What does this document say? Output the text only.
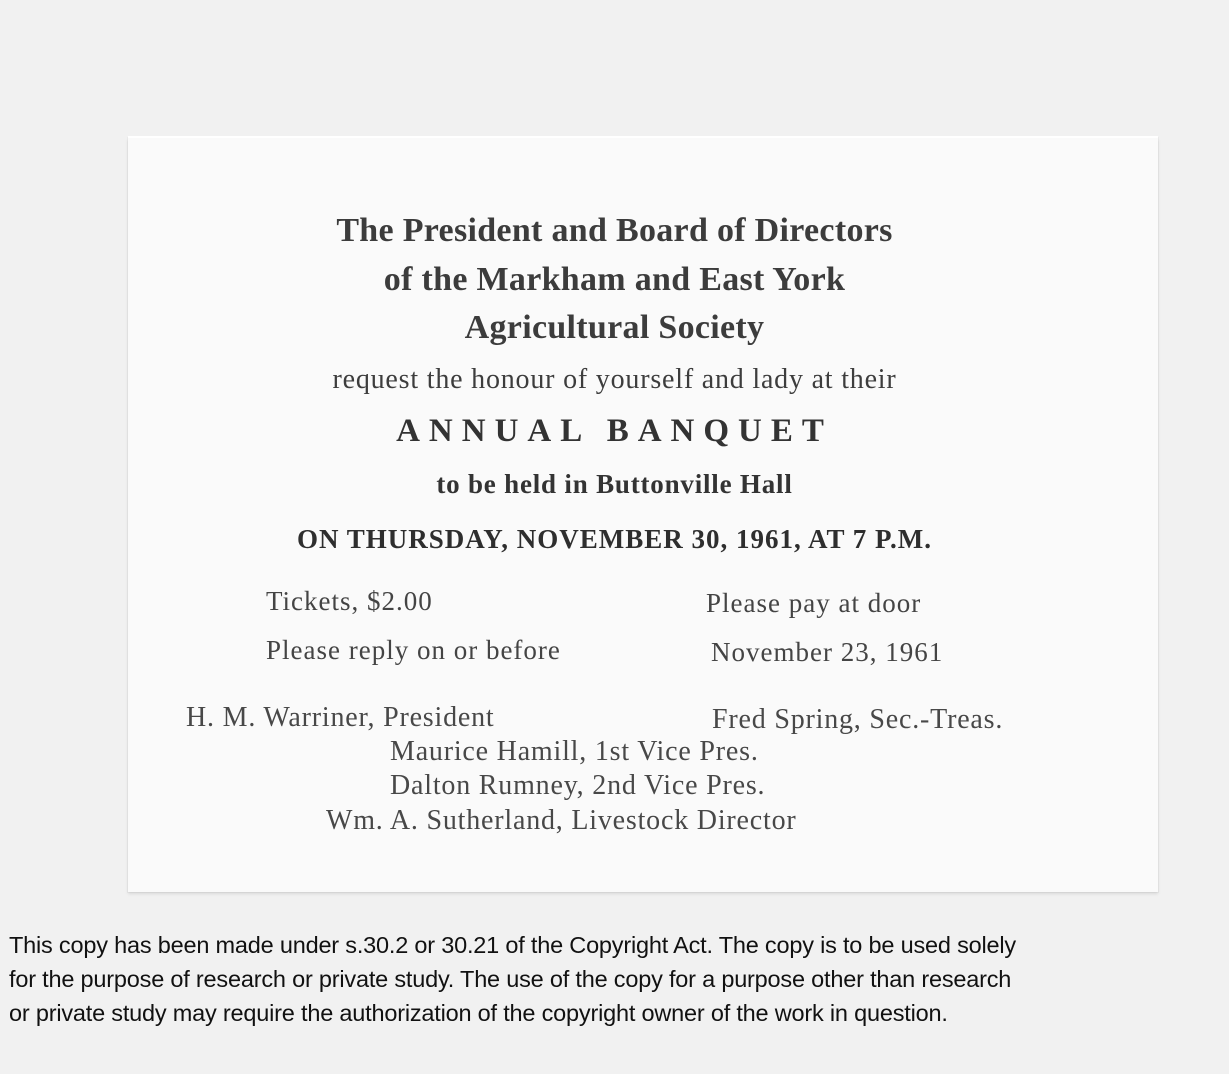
The President and Board of Directors
of the Markham and East York
Agricultural Society
request the honour of yourself and lady at their
ANNUAL BANQUET
to be held in Buttonville Hall
ON THURSDAY, NOVEMBER 30, 1961, AT 7 P.M.
Tickets, $2.00	Please pay at door
Please reply on or before	November 23, 1961
H. M. Warriner, President	Fred Spring, Sec.-Treas.
Maurice Hamill, 1st Vice Pres.
Dalton Rumney, 2nd Vice Pres.
Wm. A. Sutherland, Livestock Director
This copy has been made under s.30.2 or 30.21 of the Copyright Act. The copy is to be used solely
for the purpose of research or private study. The use of the copy for a purpose other than research
or private study may require the authorization of the copyright owner of the work in question.
